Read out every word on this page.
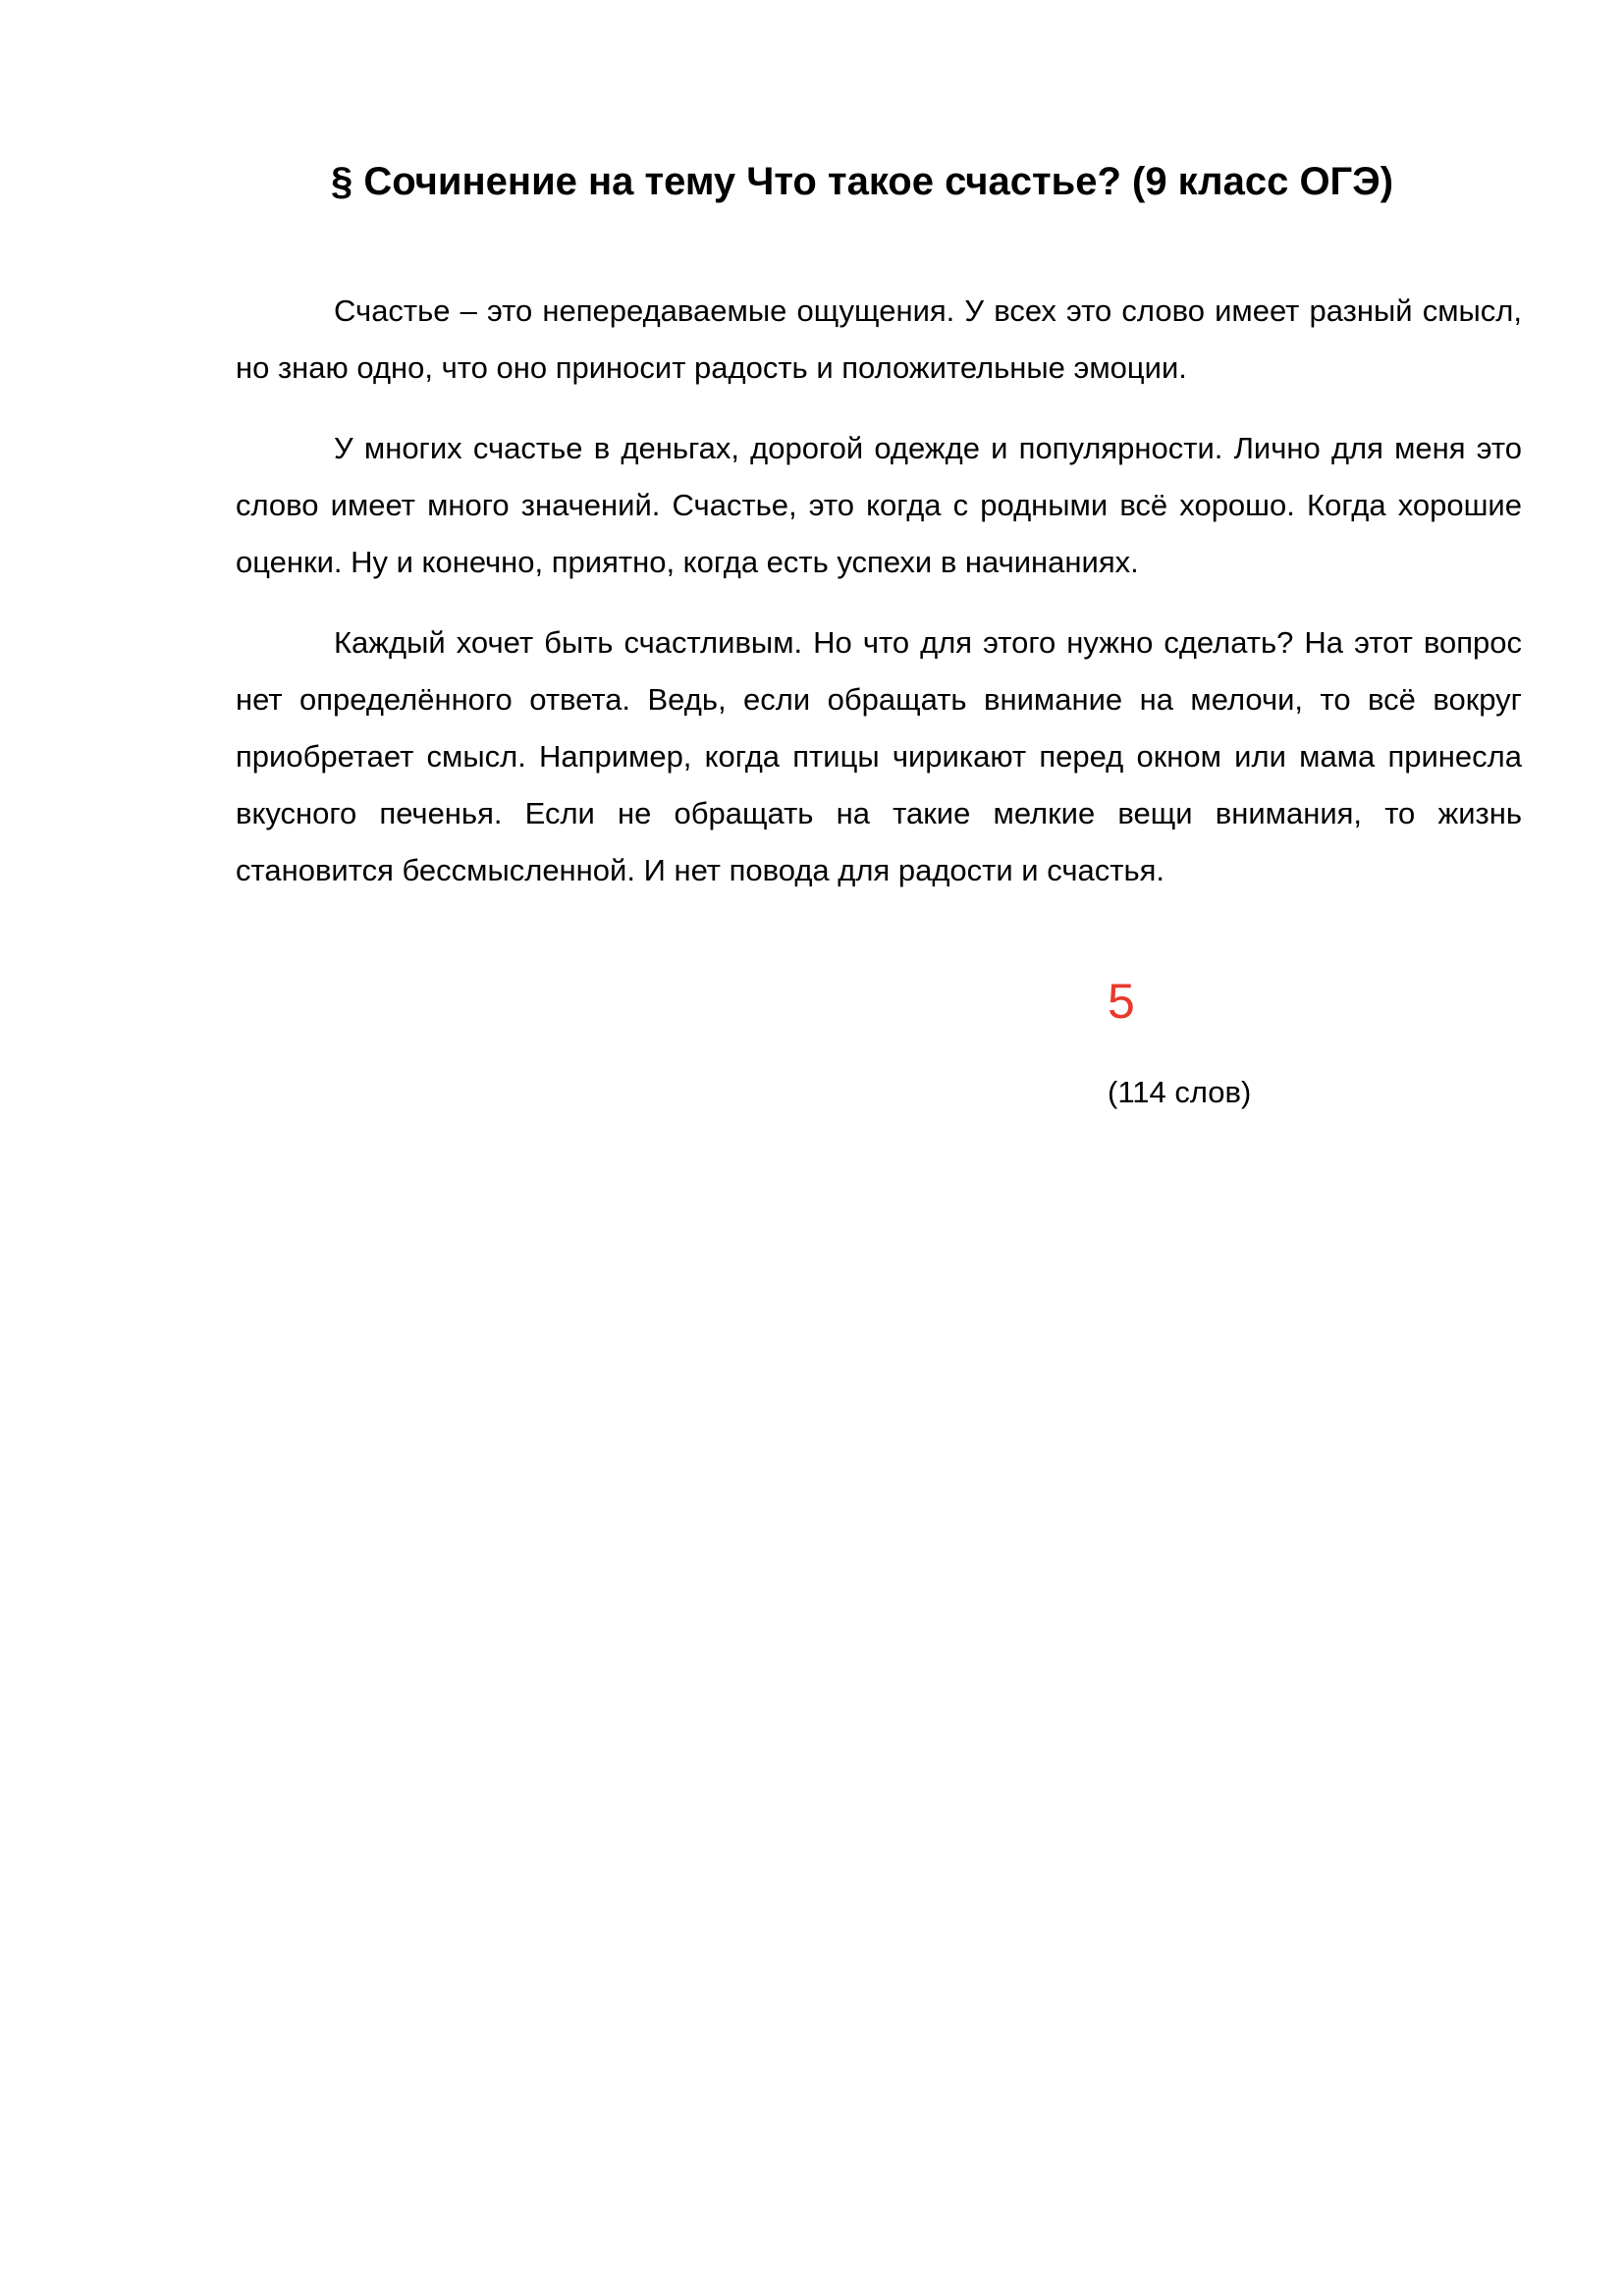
§ Сочинение на тему Что такое счастье? (9 класс ОГЭ)

Счастье – это непередаваемые ощущения. У всех это слово имеет разный смысл, но знаю одно, что оно приносит радость и положительные эмоции.

У многих счастье в деньгах, дорогой одежде и популярности. Лично для меня это слово имеет много значений. Счастье, это когда с родными всё хорошо. Когда хорошие оценки. Ну и конечно, приятно, когда есть успехи в начинаниях.

Каждый хочет быть счастливым. Но что для этого нужно сделать? На этот вопрос нет определённого ответа. Ведь, если обращать внимание на мелочи, то всё вокруг приобретает смысл. Например, когда птицы чирикают перед окном или мама принесла вкусного печенья. Если не обращать на такие мелкие вещи внимания, то жизнь становится бессмысленной. И нет повода для радости и счастья.

5
(114 слов)
